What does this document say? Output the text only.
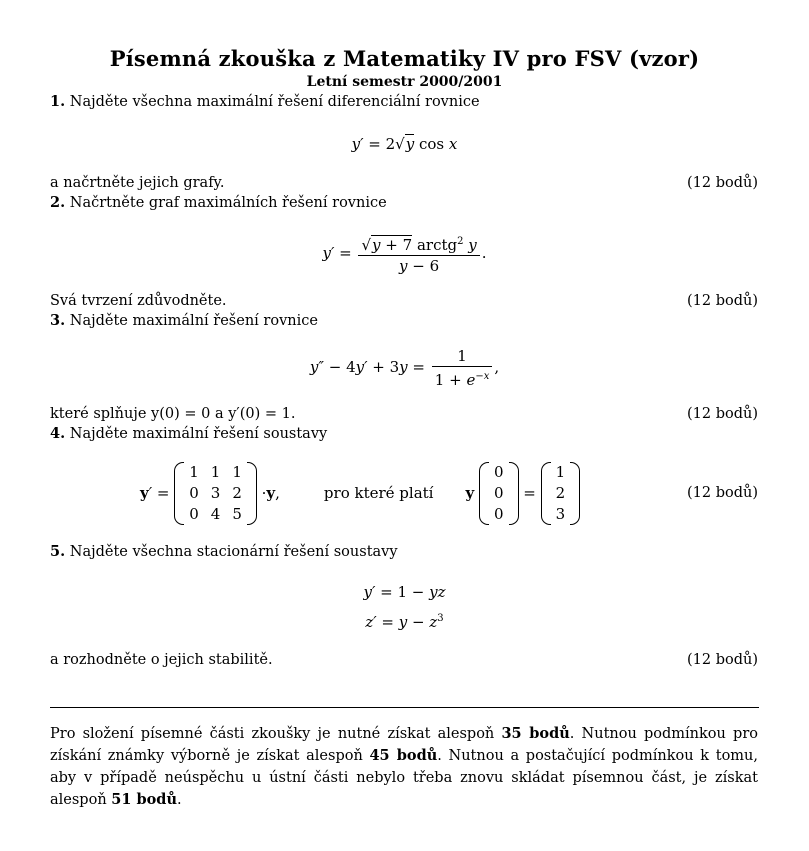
Písemná zkouška z Matematiky IV pro FSV (vzor)
Letní semestr 2000/2001
1. Najděte všechna maximální řešení diferenciální rovnice
y′ = 2√y cos x
a načrtněte jejich grafy.	(12 bodů)
2. Načrtněte graf maximálních řešení rovnice
$y' = \frac{√y + 7 arctg^2 y}{y - 6}$ .
Svá tvrzení zdůvodněte.	(12 bodů)
3. Najděte maximální řešení rovnice
$y'' - 4y' + 3y = \frac{1}{1 + e^{-x}}$ ,
které splňuje y(0) = 0 a y′(0) = 1.	(12 bodů)
4. Najděte maximální řešení soustavy
y ′ =
1	1	1
0	3	2
0	4	5
· y ,	pro které platí y

0
0
0
=
1
2
3
(12 bodů)
5. Najděte všechna stacionární řešení soustavy
y′ = 1 − yz
$z' = y - z^3$
a rozhodněte o jejich stabilitě.	(12 bodů)
Pro složení písemné části zkoušky je nutné získat alespoň 35 bodů. Nutnou podmínkou pro získání známky výborně je získat alespoň 45 bodů. Nutnou a postačující podmínkou k tomu, aby v případě neúspěchu u ústní části nebylo třeba znovu skládat písemnou část, je získat alespoň 51 bodů.
